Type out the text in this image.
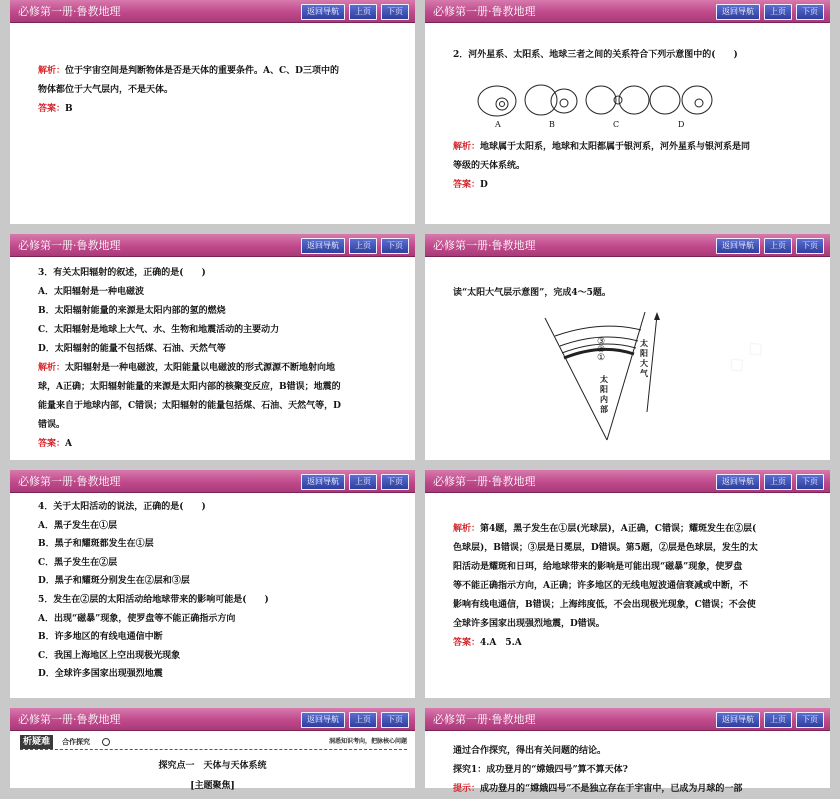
必修第一册·鲁教地理	返回导航	上页	下页
解析：位于宇宙空间是判断物体是否是天体的重要条件。A、C、D三项中的
物体都位于大气层内，不是天体。
答案：B
必修第一册·鲁教地理	返回导航	上页	下页
2．河外星系、太阳系、地球三者之间的关系符合下列示意图中的(　　)
A	B	C	D
解析：地球属于太阳系，地球和太阳都属于银河系，河外星系与银河系是同
等级的天体系统。
答案：D
必修第一册·鲁教地理	返回导航	上页	下页
3．有关太阳辐射的叙述，正确的是(　　)
A．太阳辐射是一种电磁波
B．太阳辐射能量的来源是太阳内部的氢的燃烧
C．太阳辐射是地球上大气、水、生物和地震活动的主要动力
D．太阳辐射的能量不包括煤、石油、天然气等
解析：太阳辐射是一种电磁波，太阳能量以电磁波的形式源源不断地射向地
球，A正确；太阳辐射能量的来源是太阳内部的核聚变反应，B错误；地震的
能量来自于地球内部，C错误；太阳辐射的能量包括煤、石油、天然气等，D
错误。
答案：A
必修第一册·鲁教地理	返回导航	上页	下页
读“太阳大气层示意图”，完成4～5题。
③
②
①
太阳大气
太阳内部
◇ ◇
必修第一册·鲁教地理	返回导航	上页	下页
4．关于太阳活动的说法，正确的是(　　)
A．黑子发生在①层
B．黑子和耀斑都发生在①层
C．黑子发生在②层
D．黑子和耀斑分别发生在②层和③层
5．发生在②层的太阳活动给地球带来的影响可能是(　　)
A．出现“磁暴”现象，使罗盘等不能正确指示方向
B．许多地区的有线电通信中断
C．我国上海地区上空出现极光现象
D．全球许多国家出现强烈地震
必修第一册·鲁教地理	返回导航	上页	下页
解析：第4题，黑子发生在①层(光球层)，A正确，C错误；耀斑发生在②层(
色球层)，B错误；③层是日冕层，D错误。第5题，②层是色球层，发生的太
阳活动是耀斑和日珥，给地球带来的影响是可能出现“磁暴”现象，使罗盘
等不能正确指示方向，A正确；许多地区的无线电短波通信衰减或中断，不
影响有线电通信，B错误；上海纬度低，不会出现极光现象，C错误；不会使
全球许多国家出现强烈地震，D错误。
答案：4.A　5.A
必修第一册·鲁教地理	返回导航	上页	下页
析疑难	合作探究	洞悉知识考向，把脉核心问题
探究点一　天体与天体系统
[主题聚焦]
必修第一册·鲁教地理	返回导航	上页	下页
通过合作探究，得出有关问题的结论。
探究1：成功登月的“嫦娥四号”算不算天体?
提示：成功登月的“嫦娥四号”不是独立存在于宇宙中，已成为月球的一部
